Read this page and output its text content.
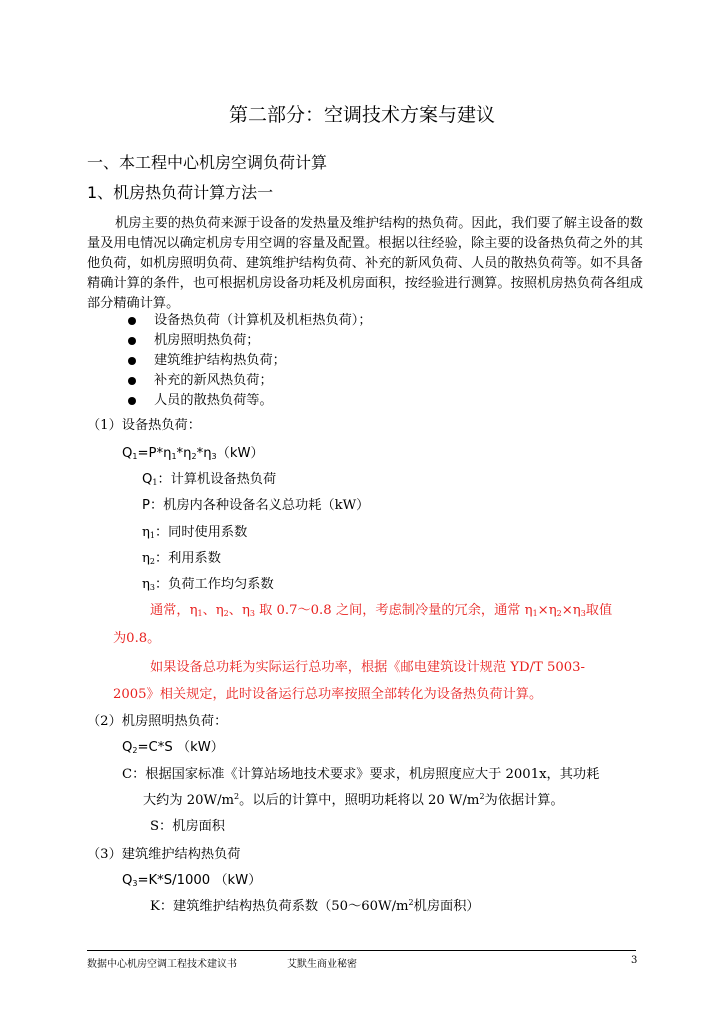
第二部分：空调技术方案与建议
一、本工程中心机房空调负荷计算
1、机房热负荷计算方法一
机房主要的热负荷来源于设备的发热量及维护结构的热负荷。因此，我们要了解主设备的数量及用电情况以确定机房专用空调的容量及配置。根据以往经验，除主要的设备热负荷之外的其他负荷，如机房照明负荷、建筑维护结构负荷、补充的新风负荷、人员的散热负荷等。如不具备精确计算的条件，也可根据机房设备功耗及机房面积，按经验进行测算。按照机房热负荷各组成部分精确计算。
设备热负荷（计算机及机柜热负荷）；
机房照明热负荷；
建筑维护结构热负荷；
补充的新风热负荷；
人员的散热负荷等。
（1）设备热负荷：
$Q_1=P*\eta_1*\eta_2*\eta_3(kW)$
$Q_1$：计算机设备热负荷
P：机房内各种设备名义总功耗（kW）
$\eta_1$：同时使用系数
$\eta_2$：利用系数
$\eta_3$：负荷工作均匀系数
通常，$\eta_1$、$\eta_2$、$\eta_3$ 取 0.7～0.8 之间，考虑制冷量的冗余，通常 $\eta_1\times\eta_2\times\eta_3$取值
为0.8。
如果设备总功耗为实际运行总功率，根据《邮电建筑设计规范 YD/T 5003-
2005》相关规定，此时设备运行总功率按照全部转化为设备热负荷计算。
（2）机房照明热负荷：
$Q_2=C*S$ （kW）
C：根据国家标准《计算站场地技术要求》要求，机房照度应大于 2001x，其功耗
大约为 $20W/m^2$。以后的计算中，照明功耗将以 20 $W/m^2$为依据计算。
S：机房面积
（3）建筑维护结构热负荷
$Q_3=K*S/1000$ （kW）
K：建筑维护结构热负荷系数（$50\sim 60W/m^2$机房面积）
数据中心机房空调工程技术建议书	艾默生商业秘密	3
